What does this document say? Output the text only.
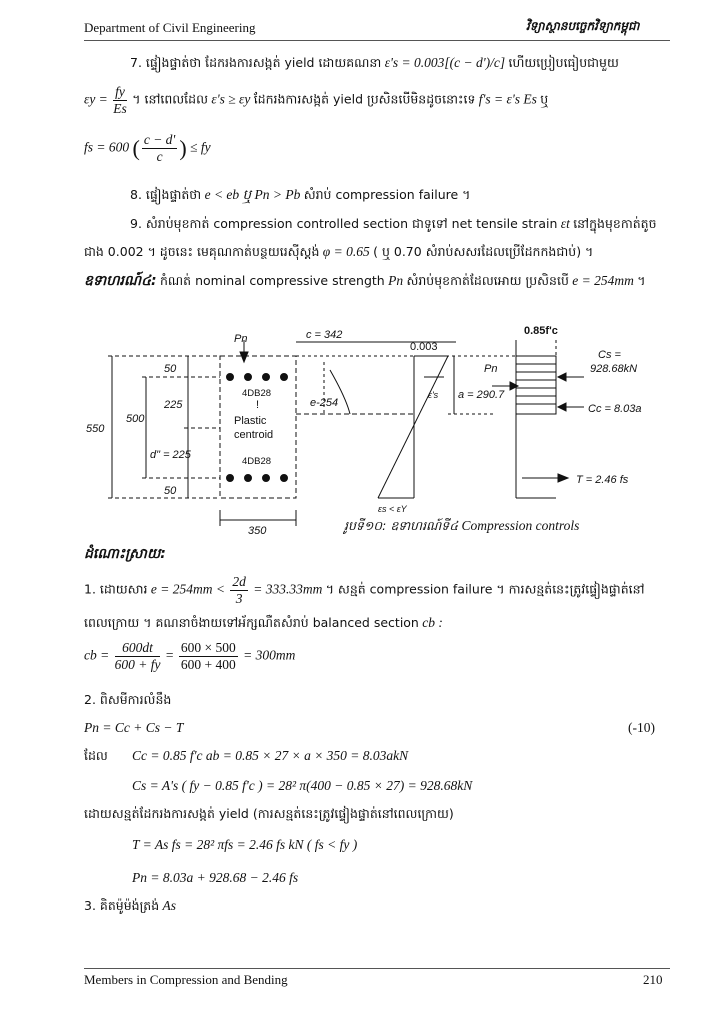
Department of Civil Engineering	វិទ្យាស្ថានបច្ចេកវិទ្យាកម្ពុជា
7. ផ្ទៀងផ្ទាត់ថា ដែករងការសង្កត់ yield ដោយគណនា ε's = 0.003[(c − d')/c] ហើយប្រៀបធៀបជាមួយ
$\varepsilon y = \frac{fy}{Es}$ ។ នៅពេលដែល ε's ≥ εy ដែករងការសង្កត់ yield ប្រសិនបើមិនដូចនោះទេ f's = ε's Es ឬ
fs = 600 ( $\frac{c - d'}{c}$ ) ≤ fy
8. ផ្ទៀងផ្ទាត់ថា e < eb ឬ Pn > Pb សំរាប់ compression failure ។
9. សំរាប់មុខកាត់ compression controlled section ជាទូទៅ net tensile strain εt នៅក្នុងមុខកាត់តូច
ជាង 0.002 ។ ដូចនេះ មេគុណកាត់បន្ថយរេស៊ីស្តង់ φ = 0.65 ( ឬ 0.70 សំរាប់សសរដែលប្រើដែកកងជាប់) ។
ឧទាហរណ៍៤: កំណត់ nominal compressive strength Pn សំរាប់មុខកាត់ដែលអោយ ប្រសិនបើ e = 254mm ។
50
225
500
550
d" = 225
50
350
Pn	c = 342
e-254
4DB28
!
Plastic
centroid
4DB28
0.003
ε's a = 290.7
Pn
0.85f'c
Cs =
928.68kN
Cc = 8.03a
T = 2.46 fs
εs < εY
រូបទី១០: ឧទាហរណ៍ទី៤ Compression controls
ដំណោះស្រាយ:
1. ដោយសារ $e = 254mm < \frac{2d}{3} = 333.33mm$ ។ សន្មត់ compression failure ។ ការសន្មត់នេះត្រូវផ្ទៀងផ្ទាត់នៅ
ពេលក្រោយ ។ គណនាចំងាយទៅអ័ក្សណឺតសំរាប់ balanced section cb :
cb = $\frac{600dt}{600 + fy} = \frac{600 \times 500}{600 + 400} = 300mm$
2. ពិសមីការលំនឹង
Pn = Cc + Cs − T	(-10)
ដែល Cc = 0.85 f'c ab = 0.85 × 27 × a × 350 = 8.03akN
Cs = A's ( fy − 0.85 f'c ) = 28² π(400 − 0.85 × 27) = 928.68kN
ដោយសន្មត់ដែករងការសង្កត់ yield (ការសន្មត់នេះត្រូវផ្ទៀងផ្ទាត់នៅពេលក្រោយ)
T = As fs = 28² πfs = 2.46 fs kN ( fs < fy )
Pn = 8.03a + 928.68 − 2.46 fs
3. គិតម៉ូម៉ង់ត្រង់ As
Members in Compression and Bending	210
